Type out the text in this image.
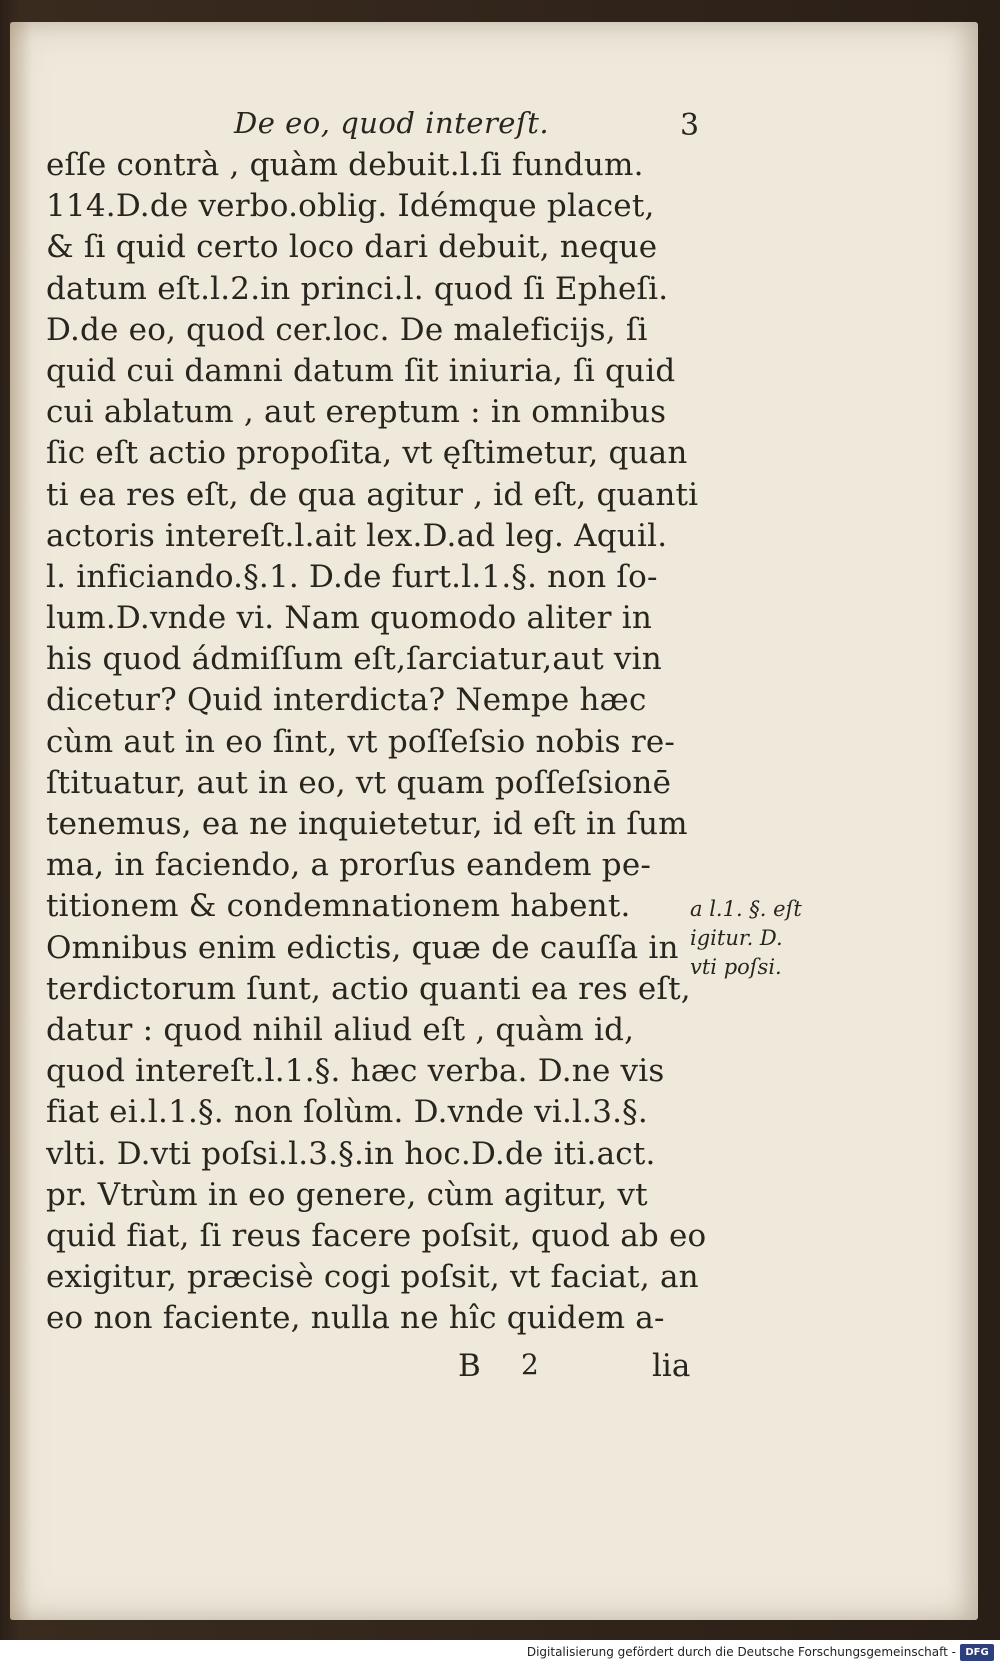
De eo, quod intereſt.	3
eſſe contrà , quàm debuit.l.ſi fundum.
114.D.de verbo.oblig. Idémque placet,
& ſi quid certo loco dari debuit, neque
datum eſt.l.2.in princi.l. quod ſi Epheſi.
D.de eo, quod cer.loc. De maleficijs, ſi
quid cui damni datum ſit iniuria, ſi quid
cui ablatum , aut ereptum : in omnibus
ſic eſt actio propoſita, vt ęſtimetur, quan
ti ea res eſt, de qua agitur , id eſt, quanti
actoris intereſt.l.ait lex.D.ad leg. Aquil.
l. inficiando.§.1. D.de furt.l.1.§. non ſo-
lum.D.vnde vi. Nam quomodo aliter in
his quod ádmiſſum eſt,ſarciatur,aut vin
dicetur? Quid interdicta? Nempe hæc
cùm aut in eo ſint, vt poſſeſsio nobis re-
ſtituatur, aut in eo, vt quam poſſeſsionē
tenemus, ea ne inquietetur, id eſt in ſum
ma, in faciendo, a prorſus eandem pe-
titionem & condemnationem habent.
Omnibus enim edictis, quæ de cauſſa in
terdictorum ſunt, actio quanti ea res eſt,
datur : quod nihil aliud eſt , quàm id,
quod intereſt.l.1.§. hæc verba. D.ne vis
fiat ei.l.1.§. non ſolùm. D.vnde vi.l.3.§.
vlti. D.vti poſsi.l.3.§.in hoc.D.de iti.act.
pr. Vtrùm in eo genere, cùm agitur, vt
quid fiat, ſi reus facere poſsit, quod ab eo
exigitur, præcisè cogi poſsit, vt faciat, an
eo non faciente, nulla ne hîc quidem a-
a l.1. §. eſt
igitur. D.
vti poſsi.
B 2	lia
Digitalisierung gefördert durch die Deutsche Forschungsgemeinschaft - DFG
